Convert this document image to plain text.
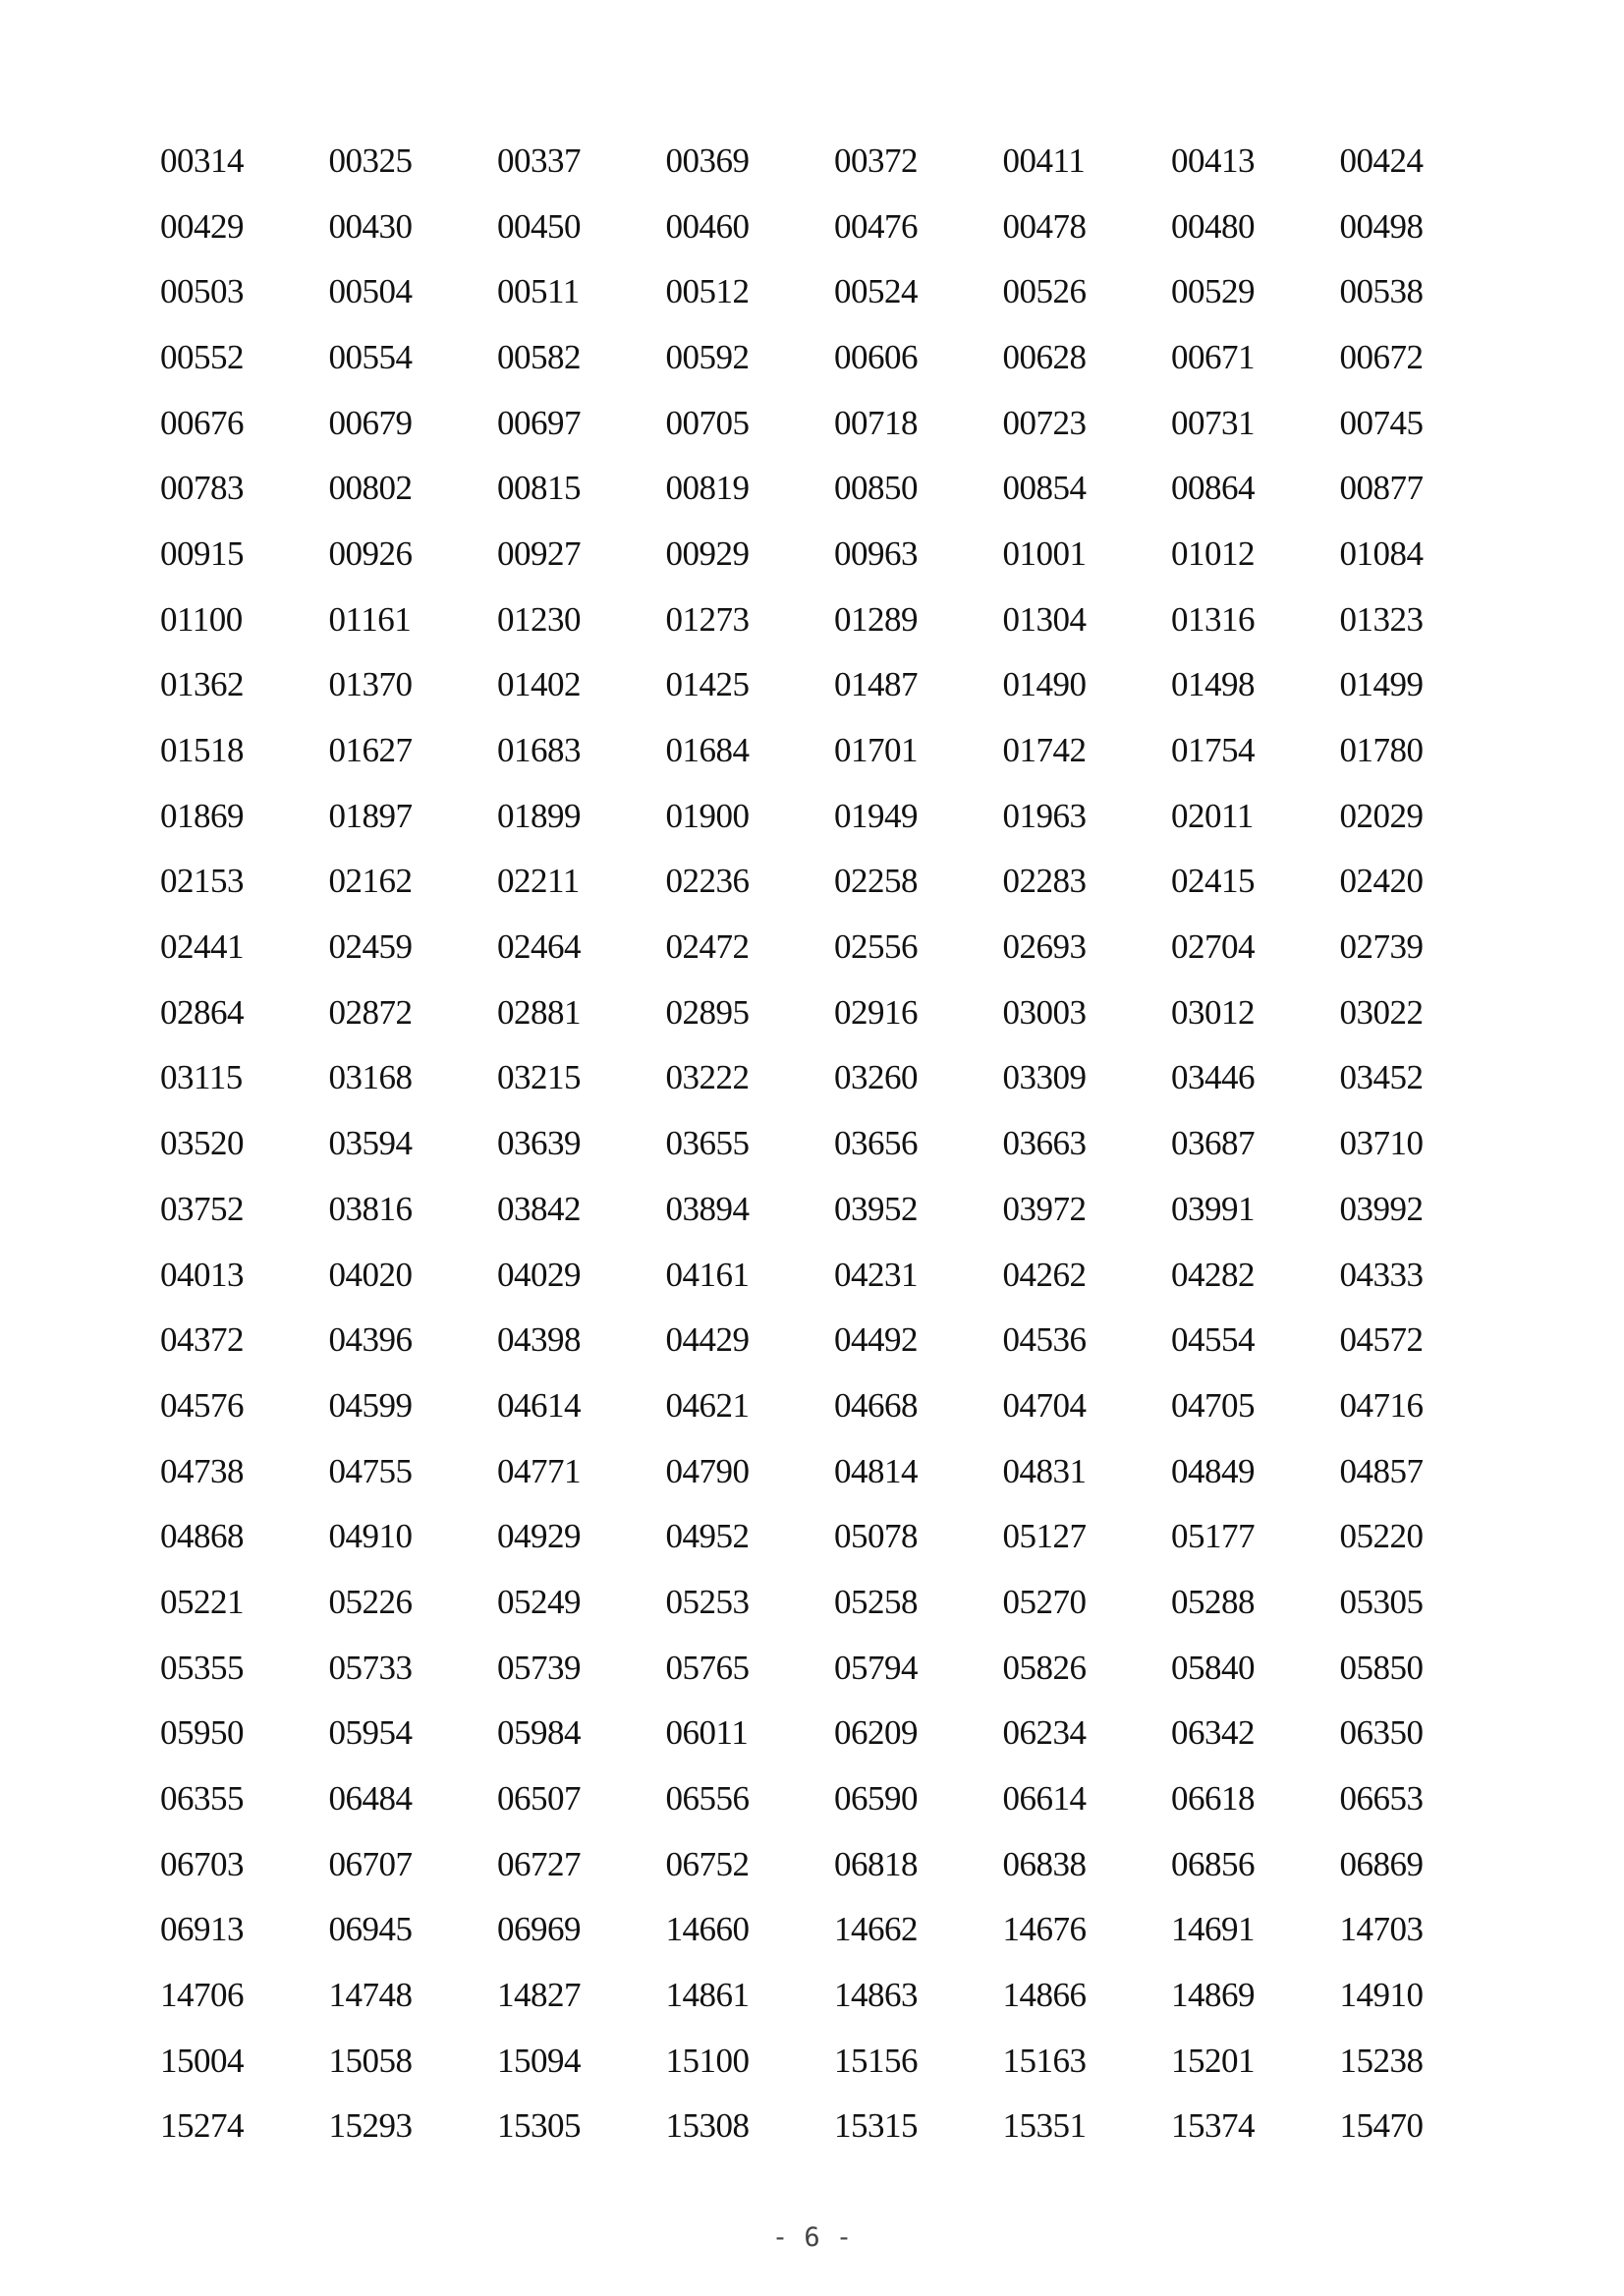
00314	00325	00337	00369	00372	00411	00413	00424
00429	00430	00450	00460	00476	00478	00480	00498
00503	00504	00511	00512	00524	00526	00529	00538
00552	00554	00582	00592	00606	00628	00671	00672
00676	00679	00697	00705	00718	00723	00731	00745
00783	00802	00815	00819	00850	00854	00864	00877
00915	00926	00927	00929	00963	01001	01012	01084
01100	01161	01230	01273	01289	01304	01316	01323
01362	01370	01402	01425	01487	01490	01498	01499
01518	01627	01683	01684	01701	01742	01754	01780
01869	01897	01899	01900	01949	01963	02011	02029
02153	02162	02211	02236	02258	02283	02415	02420
02441	02459	02464	02472	02556	02693	02704	02739
02864	02872	02881	02895	02916	03003	03012	03022
03115	03168	03215	03222	03260	03309	03446	03452
03520	03594	03639	03655	03656	03663	03687	03710
03752	03816	03842	03894	03952	03972	03991	03992
04013	04020	04029	04161	04231	04262	04282	04333
04372	04396	04398	04429	04492	04536	04554	04572
04576	04599	04614	04621	04668	04704	04705	04716
04738	04755	04771	04790	04814	04831	04849	04857
04868	04910	04929	04952	05078	05127	05177	05220
05221	05226	05249	05253	05258	05270	05288	05305
05355	05733	05739	05765	05794	05826	05840	05850
05950	05954	05984	06011	06209	06234	06342	06350
06355	06484	06507	06556	06590	06614	06618	06653
06703	06707	06727	06752	06818	06838	06856	06869
06913	06945	06969	14660	14662	14676	14691	14703
14706	14748	14827	14861	14863	14866	14869	14910
15004	15058	15094	15100	15156	15163	15201	15238
15274	15293	15305	15308	15315	15351	15374	15470
- 6 -
